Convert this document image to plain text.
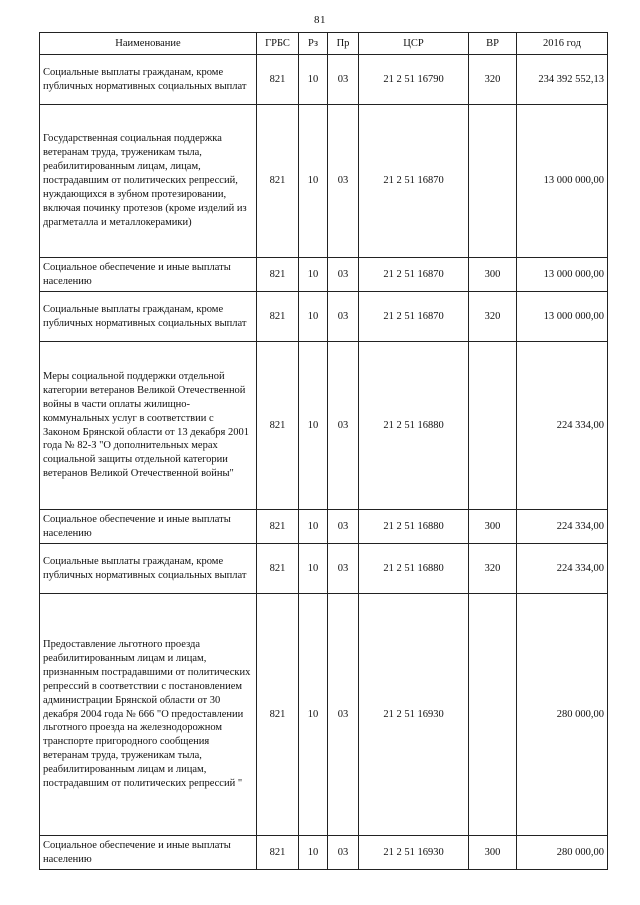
81
Наименование	ГРБС	Рз	Пр	ЦСР	ВР	2016 год
Социальные выплаты гражданам, кроме публичных нормативных социальных выплат	821	10	03	21 2 51 16790	320	234 392 552,13
Государственная социальная поддержка ветеранам труда, труженикам тыла, реабилитированным лицам, лицам, пострадавшим от политических репрессий, нуждающихся в зубном протезировании, включая починку протезов (кроме изделий из драгметалла и металлокерамики)	821	10	03	21 2 51 16870		13 000 000,00
Социальное обеспечение и иные выплаты населению	821	10	03	21 2 51 16870	300	13 000 000,00
Социальные выплаты гражданам, кроме публичных нормативных социальных выплат	821	10	03	21 2 51 16870	320	13 000 000,00
Меры социальной поддержки отдельной категории ветеранов Великой Отечественной войны в части оплаты жилищно-коммунальных услуг в соответствии с Законом Брянской области от 13 декабря 2001 года № 82-З "О дополнительных мерах социальной защиты отдельной категории ветеранов Великой Отечественной войны"	821	10	03	21 2 51 16880		224 334,00
Социальное обеспечение и иные выплаты населению	821	10	03	21 2 51 16880	300	224 334,00
Социальные выплаты гражданам, кроме публичных нормативных социальных выплат	821	10	03	21 2 51 16880	320	224 334,00
Предоставление льготного проезда реабилитированным лицам и лицам, признанным пострадавшими от политических репрессий в соответствии с постановлением администрации Брянской области от 30 декабря 2004 года № 666 "О предоставлении льготного проезда на железнодорожном транспорте пригородного сообщения ветеранам труда, труженикам тыла, реабилитированным лицам и лицам, пострадавшим от политических репрессий "	821	10	03	21 2 51 16930		280 000,00
Социальное обеспечение и иные выплаты населению	821	10	03	21 2 51 16930	300	280 000,00
